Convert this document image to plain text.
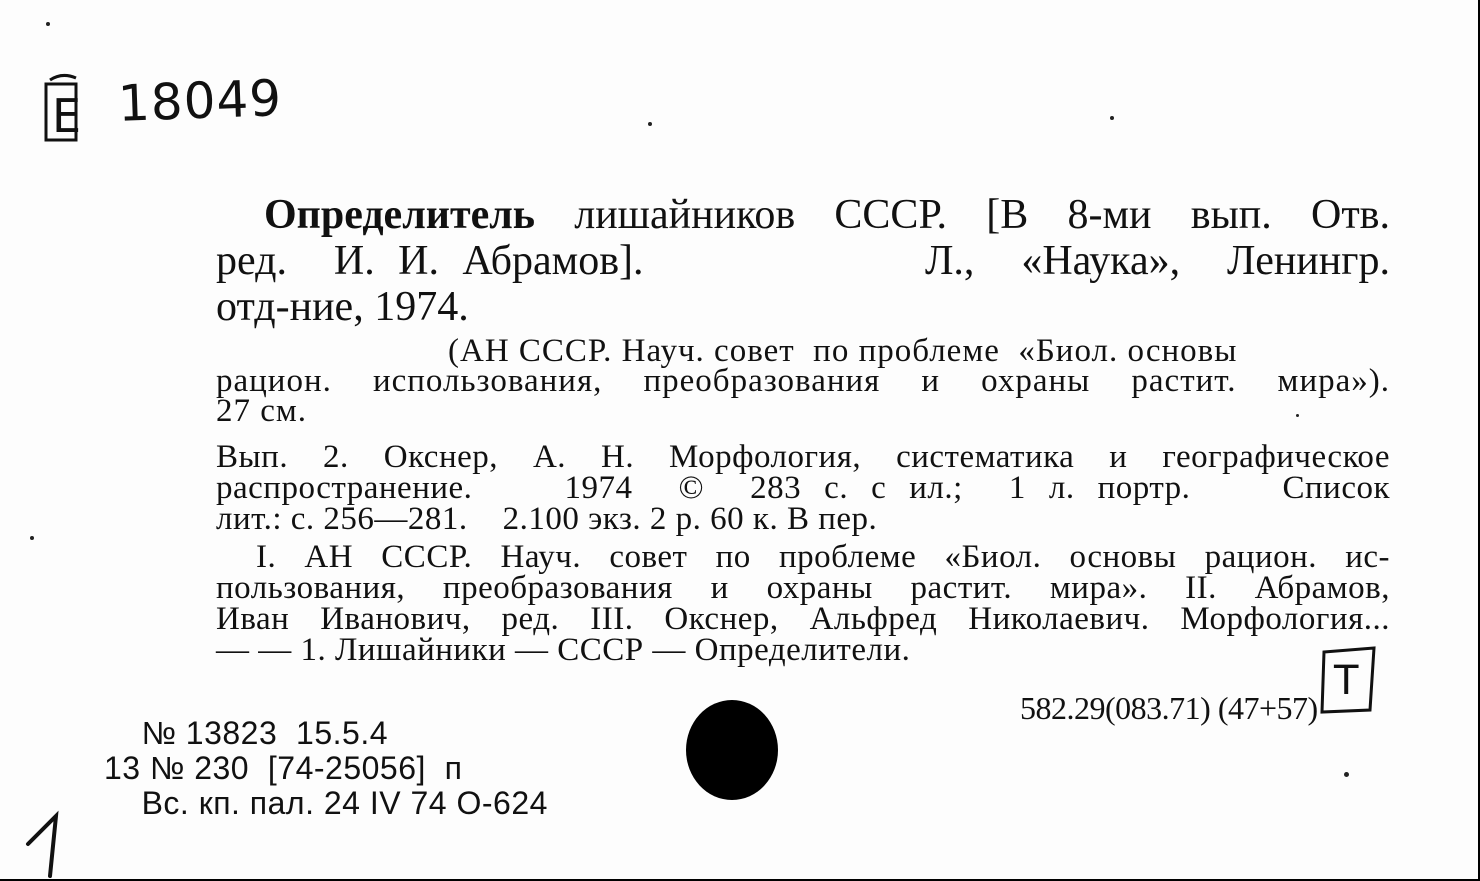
E 18049
Определитель лишайников СССР. [В 8-ми вып. Отв.
ред.  И. И. Абрамов].            Л.,  «Наука»,  Ленингр.
отд-ние, 1974.
(АН СССР. Науч. совет  по проблеме  «Биол. основы
рацион. использования, преобразования и охраны растит. мира»).
27 см.
Вып. 2. Окснер, А. Н. Морфология, систематика и географическое
распространение.    1974  ©  283 с. с ил.;  1 л. портр.    Список
лит.: с. 256—281.    2.100 экз. 2 р. 60 к. В пер.
I. АН СССР. Науч. совет по проблеме «Биол. основы рацион. ис-
пользования, преобразования и охраны растит. мира». II. Абрамов,
Иван Иванович, ред. III. Окснер, Альфред Николаевич. Морфология...
— — 1. Лишайники — СССР — Определители.
582.29(083.71) (47+57)
Т
№ 13823  15.5.4
13 № 230  [74-25056]  п
Вс. кп. пал. 24 IV 74 О-624
